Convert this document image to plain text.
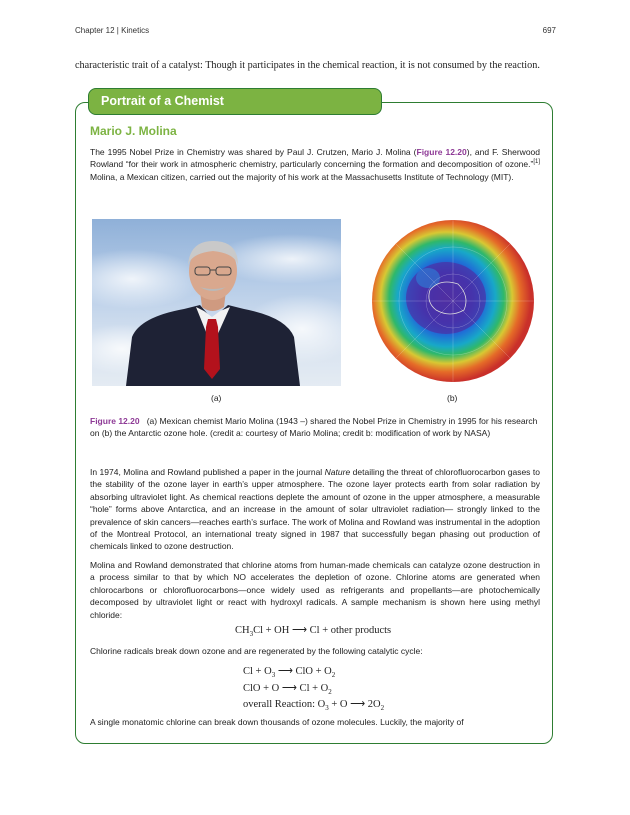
Chapter 12 | Kinetics	697
characteristic trait of a catalyst: Though it participates in the chemical reaction, it is not consumed by the reaction.
Portrait of a Chemist
Mario J. Molina
The 1995 Nobel Prize in Chemistry was shared by Paul J. Crutzen, Mario J. Molina (Figure 12.20), and F. Sherwood Rowland “for their work in atmospheric chemistry, particularly concerning the formation and decomposition of ozone.”[1] Molina, a Mexican citizen, carried out the majority of his work at the Massachusetts Institute of Technology (MIT).
(a)	(b)
Figure 12.20 (a) Mexican chemist Mario Molina (1943 –) shared the Nobel Prize in Chemistry in 1995 for his research on (b) the Antarctic ozone hole. (credit a: courtesy of Mario Molina; credit b: modification of work by NASA)
In 1974, Molina and Rowland published a paper in the journal Nature detailing the threat of chlorofluorocarbon gases to the stability of the ozone layer in earth’s upper atmosphere. The ozone layer protects earth from solar radiation by absorbing ultraviolet light. As chemical reactions deplete the amount of ozone in the upper atmosphere, a measurable “hole” forms above Antarctica, and an increase in the amount of solar ultraviolet radiation— strongly linked to the prevalence of skin cancers—reaches earth’s surface. The work of Molina and Rowland was instrumental in the adoption of the Montreal Protocol, an international treaty signed in 1987 that successfully began phasing out production of chemicals linked to ozone destruction.
Molina and Rowland demonstrated that chlorine atoms from human-made chemicals can catalyze ozone destruction in a process similar to that by which NO accelerates the depletion of ozone. Chlorine atoms are generated when chlorocarbons or chlorofluorocarbons—once widely used as refrigerants and propellants—are photochemically decomposed by ultraviolet light or react with hydroxyl radicals. A sample mechanism is shown here using methyl chloride:
$CH_3Cl$ + OH ⟶ Cl + other products
Chlorine radicals break down ozone and are regenerated by the following catalytic cycle:
$Cl + O_3$ ⟶ ClO + $O_2$
ClO + O ⟶ $Cl + O_2$
overall Reaction: $O_3 + O$ ⟶ $2O_2$
A single monatomic chlorine can break down thousands of ozone molecules. Luckily, the majority of
